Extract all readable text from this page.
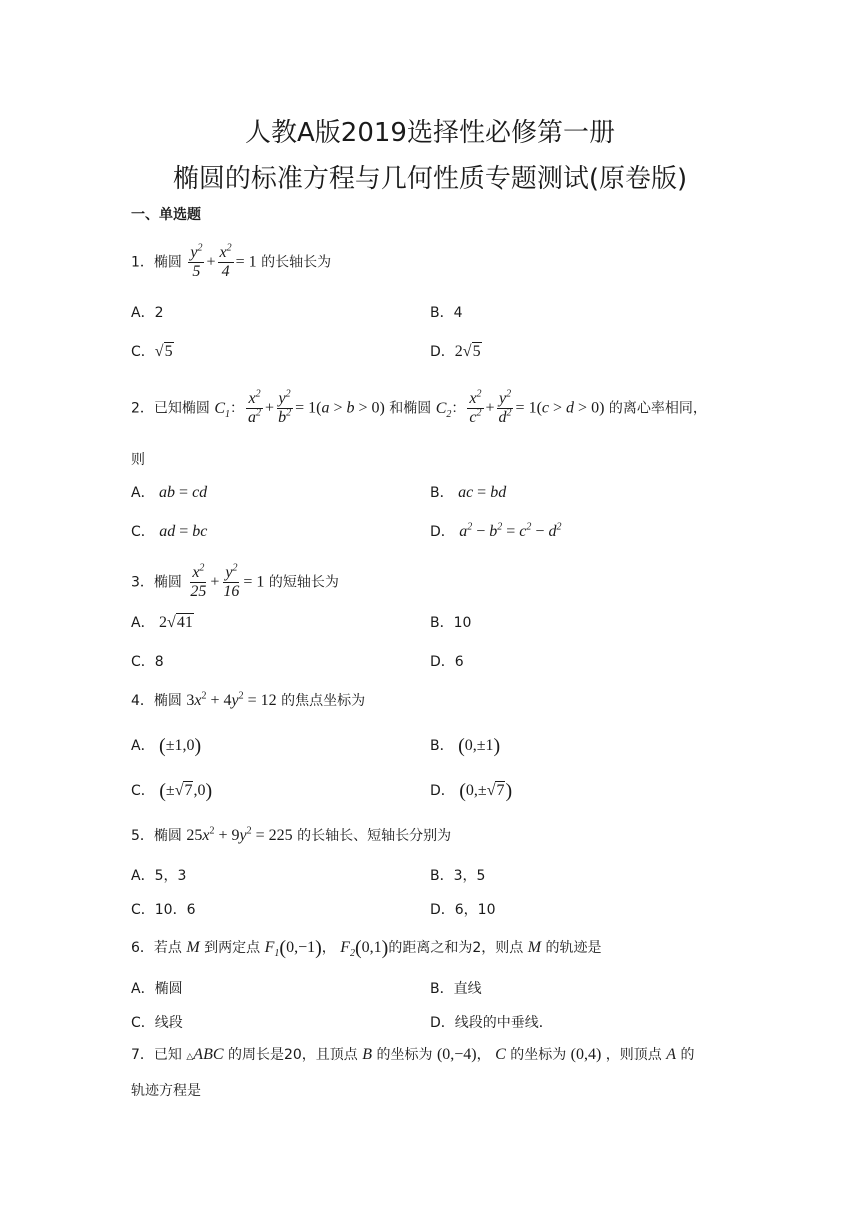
人教A版2019选择性必修第一册
椭圆的标准方程与几何性质专题测试(原卷版)
一、单选题
1．椭圆 $\frac{y^2}{5} + \frac{x^2}{4} = 1$ 的长轴长为
A．2	B．4
C．√5	D．2√5
2．已知椭圆 $C_1$： $\frac{x^2}{a^2} + \frac{y^2}{b^2} = 1(a > b > 0)$ 和椭圆 $C_2$： $\frac{x^2}{c^2} + \frac{y^2}{d^2} = 1(c > d > 0)$ 的离心率相同，
则
A． ab = cd	B． ac = bd
C． ad = bc	D． $a^2 - b^2 = c^2 - d^2$
3．椭圆 $\frac{x^2}{25} + \frac{y^2}{16} = 1$ 的短轴长为
A． 2√41	B．10
C．8	D．6
4．椭圆 $3x^2 + 4y^2 = 12$ 的焦点坐标为
A． (±1,0)	B． (0,±1)
C． (±√7,0)	D． (0,±√7)
5．椭圆 $25x^2 + 9y^2 = 225$ 的长轴长、短轴长分别为
A．5，3	B．3，5
C．10．6	D．6，10
6．若点 M 到两定点 $F_1(0,-1)$， $F_2(0,1)$的距离之和为2，则点 M 的轨迹是
A．椭圆	B．直线
C．线段	D．线段的中垂线．
7．已知 △ABC 的周长是20，且顶点 B 的坐标为 (0,−4)， C 的坐标为 (0,4) ，则顶点 A 的
轨迹方程是
